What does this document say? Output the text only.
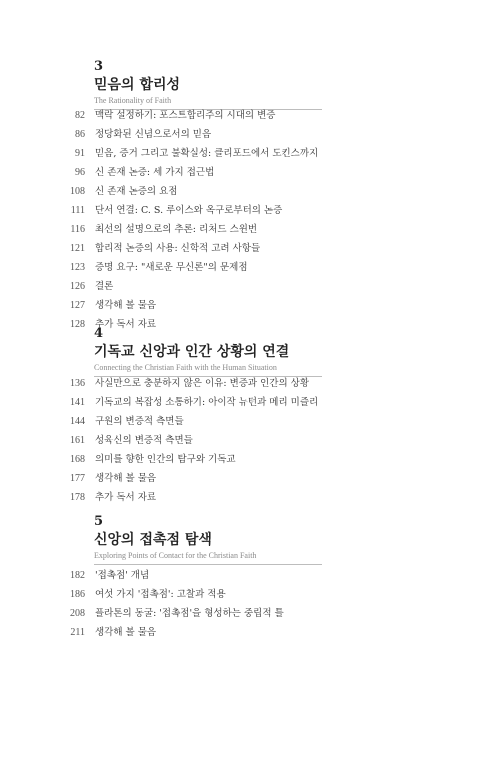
3
믿음의 합리성
The Rationality of Faith
82 맥락 설정하기: 포스트합리주의 시대의 변증
86 정당화된 신념으로서의 믿음
91 믿음, 증거 그리고 불확실성: 클리포드에서 도킨스까지
96 신 존재 논증: 세 가지 접근법
108 신 존재 논증의 요점
111 단서 연결: C. S. 루이스와 옥구로부터의 논증
116 최선의 설명으로의 추론: 리처드 스윈번
121 합리적 논증의 사용: 신학적 고려 사항들
123 증명 요구: "새로운 무신론"의 문제점
126 결론
127 생각해 볼 물음
128 추가 독서 자료
4
기독교 신앙과 인간 상황의 연결
Connecting the Christian Faith with the Human Situation
136 사실만으로 충분하지 않은 이유: 변증과 인간의 상황
141 기독교의 복잡성 소통하기: 아이작 뉴턴과 메리 미즐리
144 구원의 변증적 측면들
161 성육신의 변증적 측면들
168 의미를 향한 인간의 탐구와 기독교
177 생각해 볼 물음
178 추가 독서 자료
5
신앙의 접촉점 탐색
Exploring Points of Contact for the Christian Faith
182 '접촉점' 개념
186 여섯 가지 '접촉점': 고찰과 적용
208 플라톤의 동굴: '접촉점'을 형성하는 중립적 틀
211 생각해 볼 물음
